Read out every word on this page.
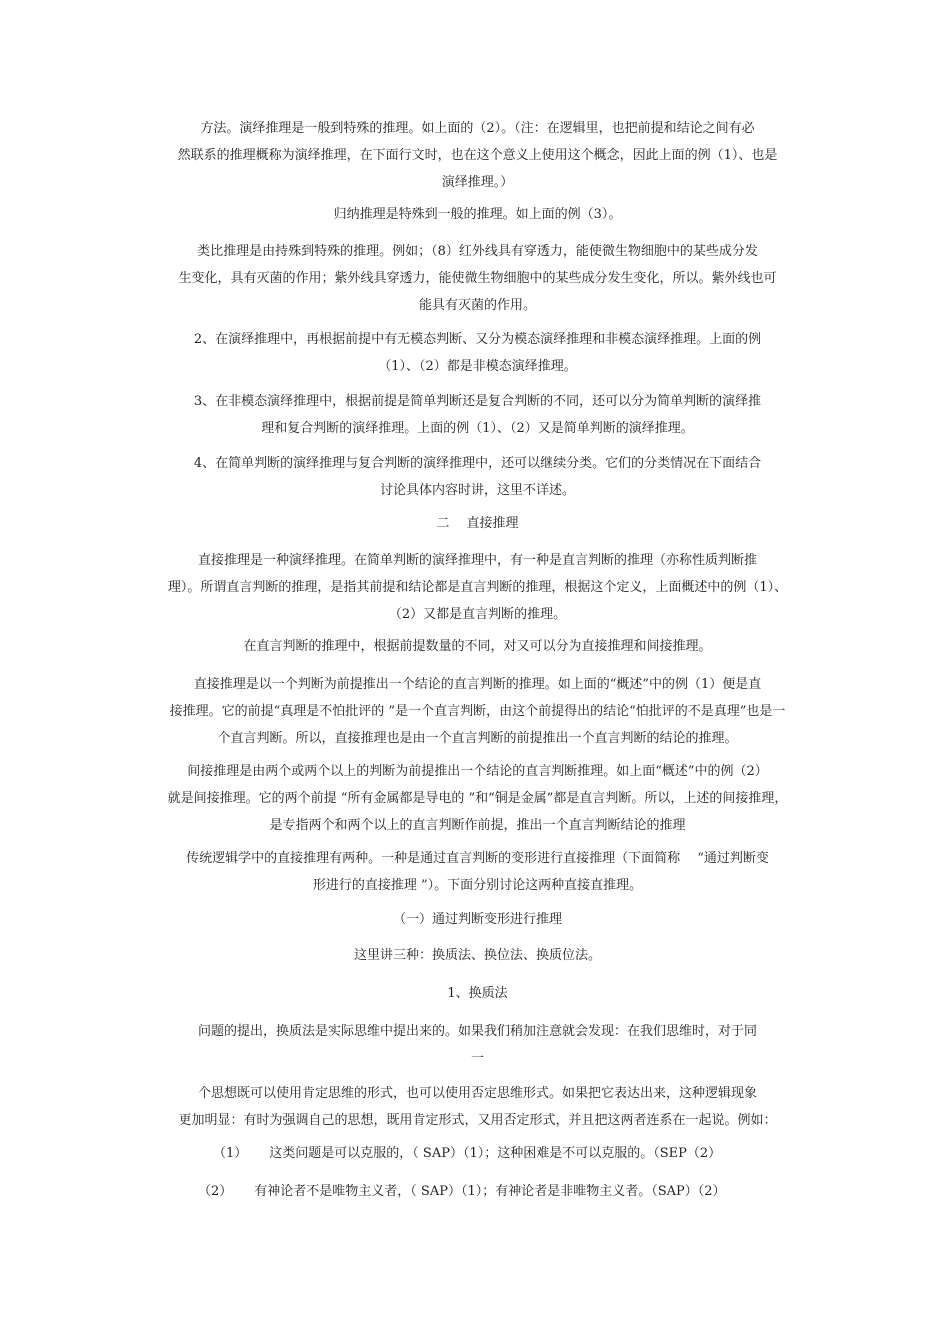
方法。演绎推理是一般到特殊的推理。如上面的（2）。（注：在逻辑里，也把前提和结论之间有必
然联系的推理概称为演绎推理，在下面行文时，也在这个意义上使用这个概念，因此上面的例（1）、也是
演绎推理。）
归纳推理是特殊到一般的推理。如上面的例（3）。
类比推理是由持殊到特殊的推理。例如；（8）红外线具有穿透力，能使微生物细胞中的某些成分发
生变化，具有灭菌的作用；紫外线具穿透力，能使微生物细胞中的某些成分发生变化，所以。紫外线也可
能具有灭菌的作用。
2、在演绎推理中，再根据前提中有无模态判断、又分为模态演绎推理和非模态演绎推理。上面的例
（1）、（2）都是非模态演绎推理。
3、在非模态演绎推理中，根据前提是简单判断还是复合判断的不同，还可以分为简单判断的演绎推
理和复合判断的演绎推理。上面的例（1）、（2）又是简单判断的演绎推理。
4、在简单判断的演绎推理与复合判断的演绎推理中，还可以继续分类。它们的分类情况在下面结合
讨论具体内容时讲，这里不详述。
二　 直接推理
直接推理是一种演绎推理。在简单判断的演绎推理中，有一种是直言判断的推理（亦称性质判断推
理）。所谓直言判断的推理，是指其前提和结论都是直言判断的推理，根据这个定义，上面概述中的例（1）、
（2）又都是直言判断的推理。
在直言判断的推理中，根据前提数量的不同，对又可以分为直接推理和间接推理。
直接推理是以一个判断为前提推出一个结论的直言判断的推理。如上面的“概述”中的例（1）便是直
接推理。它的前提“真理是不怕批评的 ”是一个直言判断，由这个前提得出的结论“怕批评的不是真理”也是一
个直言判断。所以，直接推理也是由一个直言判断的前提推出一个直言判断的结论的推理。
间接推理是由两个或两个以上的判断为前提推出一个结论的直言判断推理。如上面“概述”中的例（2）
就是间接推理。它的两个前提 “所有金属都是导电的 ”和“铜是金属”都是直言判断。所以，上述的间接推理，
是专指两个和两个以上的直言判断作前提，推出一个直言判断结论的推理
传统逻辑学中的直接推理有两种。一种是通过直言判断的变形进行直接推理（下面简称 　“通过判断变
形进行的直接推理 ”）。下面分别讨论这两种直接直推理。
（一）通过判断变形进行推理
这里讲三种：换质法、换位法、换质位法。
1、换质法
问题的提出，换质法是实际思维中提出来的。如果我们稍加注意就会发现：在我们思维时，对于同
一
个思想既可以使用肯定思维的形式，也可以使用否定思维形式。如果把它表达出来，这种逻辑现象
更加明显：有时为强调自己的思想，既用肯定形式，又用否定形式，并且把这两者连系在一起说。例如：
（1） 这类问题是可以克服的，（ SAP）（1）；这种困难是不可以克服的。（SEP（2）
（2） 有神论者不是唯物主义者，（ SAP）（1）；有神论者是非唯物主义者。（SAP）（2）
